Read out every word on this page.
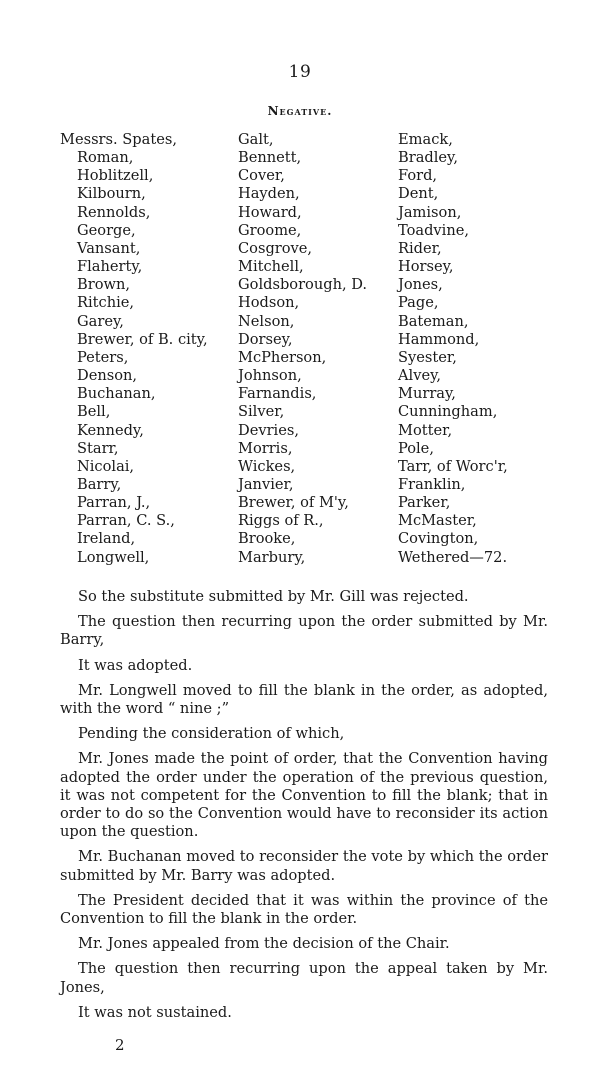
19
Negative.
Messrs. Spates,
Roman,
Hoblitzell,
Kilbourn,
Rennolds,
George,
Vansant,
Flaherty,
Brown,
Ritchie,
Garey,
Brewer, of B. city,
Peters,
Denson,
Buchanan,
Bell,
Kennedy,
Starr,
Nicolai,
Barry,
Parran, J.,
Parran, C. S.,
Ireland,
Longwell,
Galt,
Bennett,
Cover,
Hayden,
Howard,
Groome,
Cosgrove,
Mitchell,
Goldsborough, D.
Hodson,
Nelson,
Dorsey,
McPherson,
Johnson,
Farnandis,
Silver,
Devries,
Morris,
Wickes,
Janvier,
Brewer, of M'y,
Riggs of R.,
Brooke,
Marbury,
Emack,
Bradley,
Ford,
Dent,
Jamison,
Toadvine,
Rider,
Horsey,
Jones,
Page,
Bateman,
Hammond,
Syester,
Alvey,
Murray,
Cunningham,
Motter,
Pole,
Tarr, of Worc'r,
Franklin,
Parker,
McMaster,
Covington,
Wethered—72.

So the substitute submitted by Mr. Gill was rejected.

The question then recurring upon the order submitted by Mr. Barry,

It was adopted.

Mr. Longwell moved to fill the blank in the order, as adopted, with the word “ nine ;”

Pending the consideration of which,

Mr. Jones made the point of order, that the Convention having adopted the order under the operation of the previous question, it was not competent for the Convention to fill the blank; that in order to do so the Convention would have to reconsider its action upon the question.

Mr. Buchanan moved to reconsider the vote by which the order submitted by Mr. Barry was adopted.

The President decided that it was within the province of the Convention to fill the blank in the order.

Mr. Jones appealed from the decision of the Chair.

The question then recurring upon the appeal taken by Mr. Jones,

It was not sustained.

2
